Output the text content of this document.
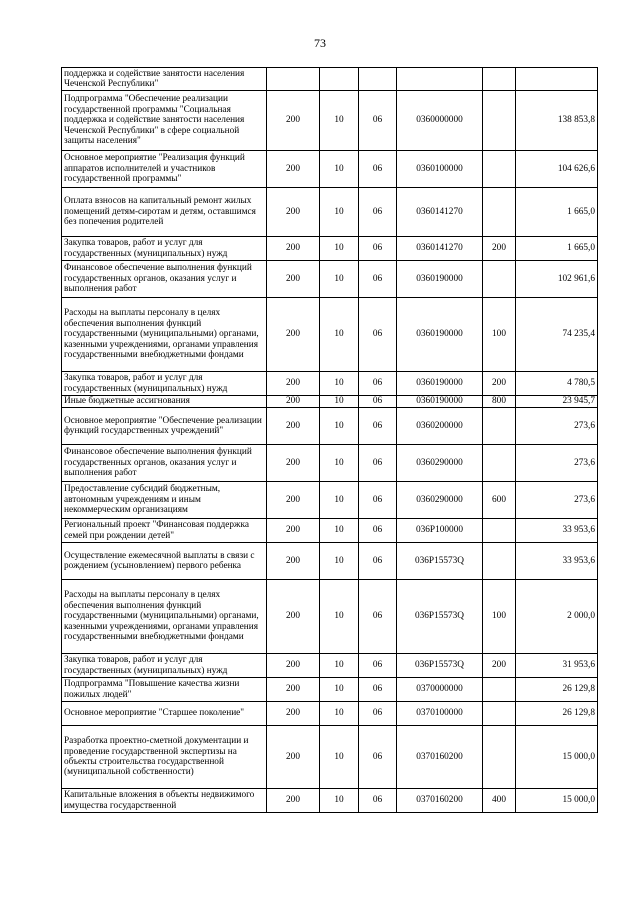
73
поддержка и содействие занятости населения Чеченской Республики"						
Подпрограмма "Обеспечение реализации государственной программы "Социальная поддержка и содействие занятости населения Чеченской Республики" в сфере социальной защиты населения"	200	10	06	0360000000		138 853,8
Основное мероприятие "Реализация функций аппаратов исполнителей и участников государственной программы"	200	10	06	0360100000		104 626,6
Оплата взносов на капитальный ремонт жилых помещений детям-сиротам и детям, оставшимся без попечения родителей	200	10	06	0360141270		1 665,0
Закупка товаров, работ и услуг для государственных (муниципальных) нужд	200	10	06	0360141270	200	1 665,0
Финансовое обеспечение выполнения функций государственных органов, оказания услуг и выполнения работ	200	10	06	0360190000		102 961,6
Расходы на выплаты персоналу в целях обеспечения выполнения функций государственными (муниципальными) органами, казенными учреждениями, органами управления государственными внебюджетными фондами	200	10	06	0360190000	100	74 235,4
Закупка товаров, работ и услуг для государственных (муниципальных) нужд	200	10	06	0360190000	200	4 780,5
Иные бюджетные ассигнования	200	10	06	0360190000	800	23 945,7
Основное мероприятие "Обеспечение реализации функций государственных учреждений"	200	10	06	0360200000		273,6
Финансовое обеспечение выполнения функций государственных органов, оказания услуг и выполнения работ	200	10	06	0360290000		273,6
Предоставление субсидий бюджетным, автономным учреждениям и иным некоммерческим организациям	200	10	06	0360290000	600	273,6
Региональный проект "Финансовая поддержка семей при рождении детей"	200	10	06	036P100000		33 953,6
Осуществление ежемесячной выплаты в связи с рождением (усыновлением) первого ребенка	200	10	06	036P15573Q		33 953,6
Расходы на выплаты персоналу в целях обеспечения выполнения функций государственными (муниципальными) органами, казенными учреждениями, органами управления государственными внебюджетными фондами	200	10	06	036P15573Q	100	2 000,0
Закупка товаров, работ и услуг для государственных (муниципальных) нужд	200	10	06	036P15573Q	200	31 953,6
Подпрограмма "Повышение качества жизни пожилых людей"	200	10	06	0370000000		26 129,8
Основное мероприятие "Старшее поколение"	200	10	06	0370100000		26 129,8
Разработка проектно-сметной документации и проведение государственной экспертизы на объекты строительства государственной (муниципальной собственности)	200	10	06	0370160200		15 000,0
Капитальные вложения в объекты недвижимого имущества государственной	200	10	06	0370160200	400	15 000,0
